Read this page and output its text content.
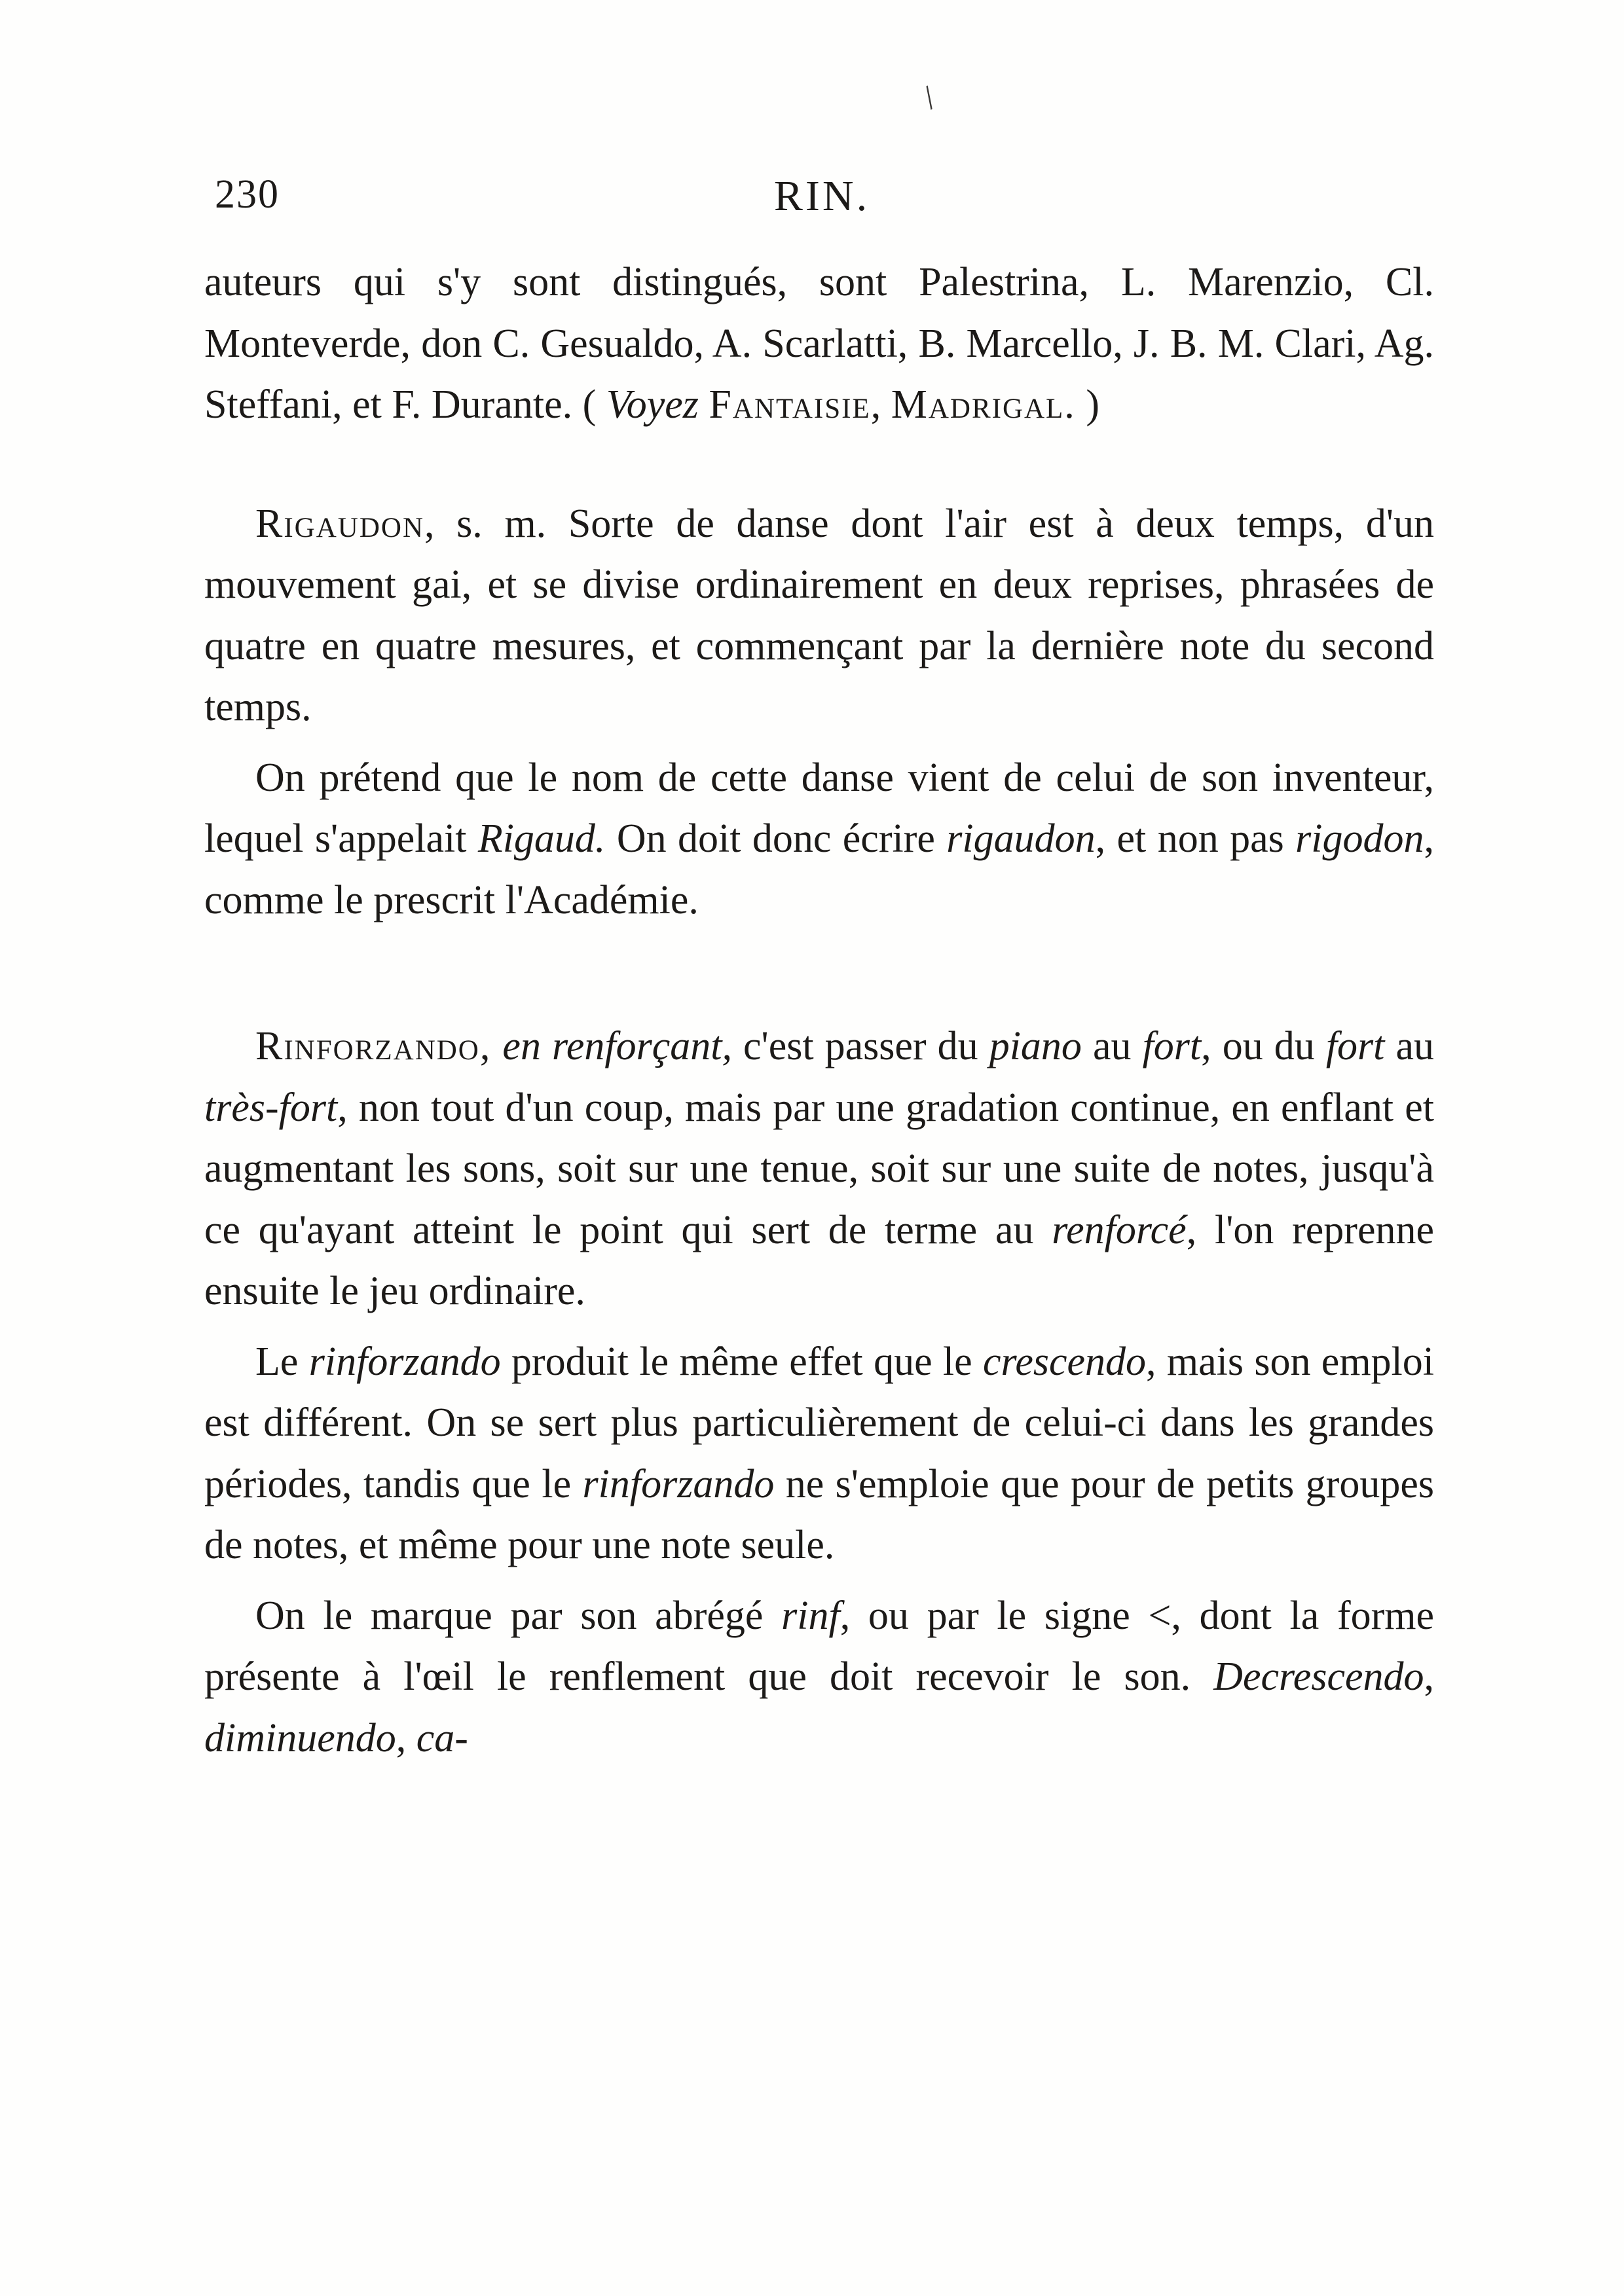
/
230	RIN.

auteurs qui s'y sont distingués, sont Palestrina, L. Marenzio, Cl. Monteverde, don C. Gesualdo, A. Scarlatti, B. Marcello, J. B. M. Clari, Ag. Steffani, et F. Durante. ( Voyez Fantaisie, Madrigal. )

Rigaudon, s. m. Sorte de danse dont l'air est à deux temps, d'un mouvement gai, et se divise ordinairement en deux reprises, phrasées de quatre en quatre mesures, et commençant par la dernière note du second temps.

On prétend que le nom de cette danse vient de celui de son inventeur, lequel s'appelait Rigaud. On doit donc écrire rigaudon, et non pas rigodon, comme le prescrit l'Académie.

Rinforzando, en renforçant, c'est passer du piano au fort, ou du fort au très-fort, non tout d'un coup, mais par une gradation continue, en enflant et augmentant les sons, soit sur une tenue, soit sur une suite de notes, jusqu'à ce qu'ayant atteint le point qui sert de terme au renforcé, l'on reprenne ensuite le jeu ordinaire.

Le rinforzando produit le même effet que le crescendo, mais son emploi est différent. On se sert plus particulièrement de celui-ci dans les grandes périodes, tandis que le rinforzando ne s'emploie que pour de petits groupes de notes, et même pour une note seule.

On le marque par son abrégé rinf, ou par le signe <, dont la forme présente à l'œil le renflement que doit recevoir le son. Decrescendo, diminuendo, ca-
